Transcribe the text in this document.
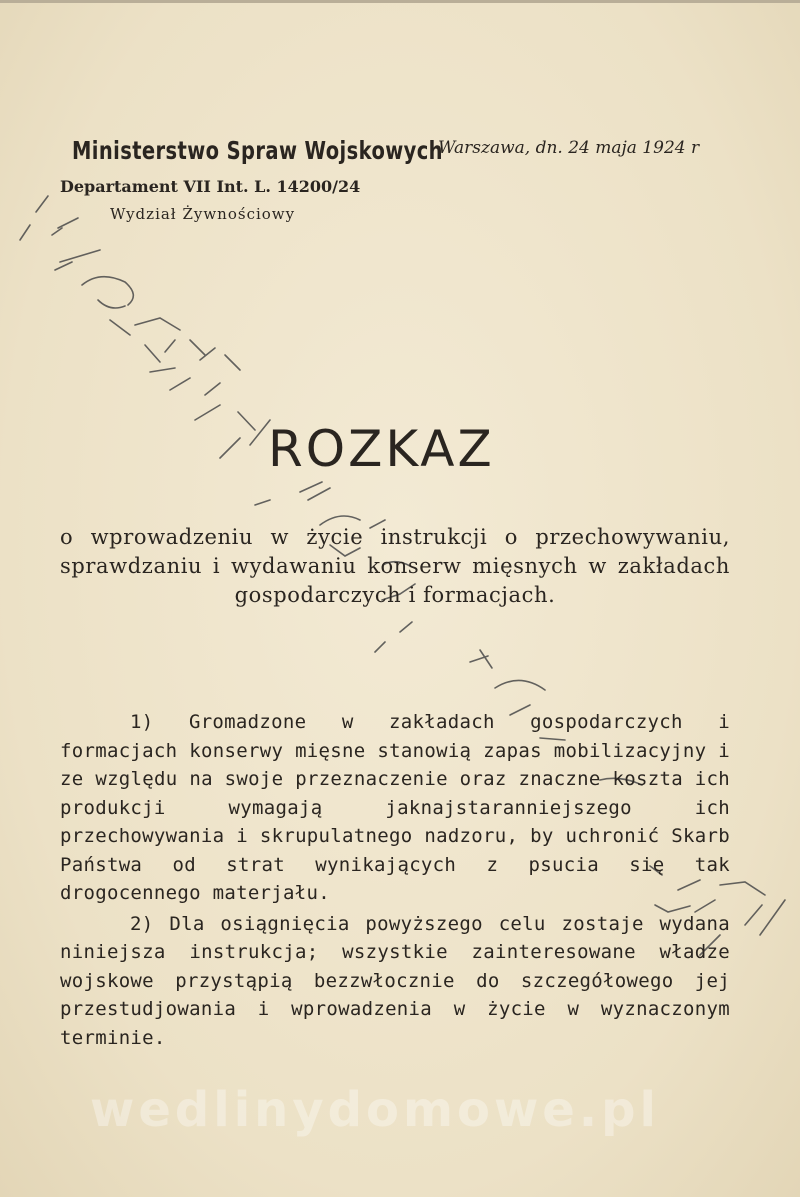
Ministerstwo Spraw Wojskowych
Warszawa, dn. 24 maja 1924 r
Departament VII Int. L. 14200/24
Wydział Żywnościowy
ROZKAZ
o wprowadzeniu w życie instrukcji o przechowywaniu, sprawdzaniu i wydawaniu konserw mięsnych w zakładach gospodarczych i formacjach.

1) Gromadzone w zakładach gospodarczych i formacjach konserwy mięsne stanowią zapas mobilizacyjny i ze względu na swoje przeznaczenie oraz znaczne koszta ich produkcji wymagają jaknajstaranniejszego ich przechowywania i skrupulatnego nadzoru, by uchronić Skarb Państwa od strat wynikających z psucia się tak drogocennego materjału.

2) Dla osiągnięcia powyższego celu zostaje wydana niniejsza instrukcja; wszystkie zainteresowane władze wojskowe przystąpią bezzwłocznie do szczegółowego jej przestudjowania i wprowadzenia w życie w wyznaczonym terminie.

wedlinydomowe.pl
